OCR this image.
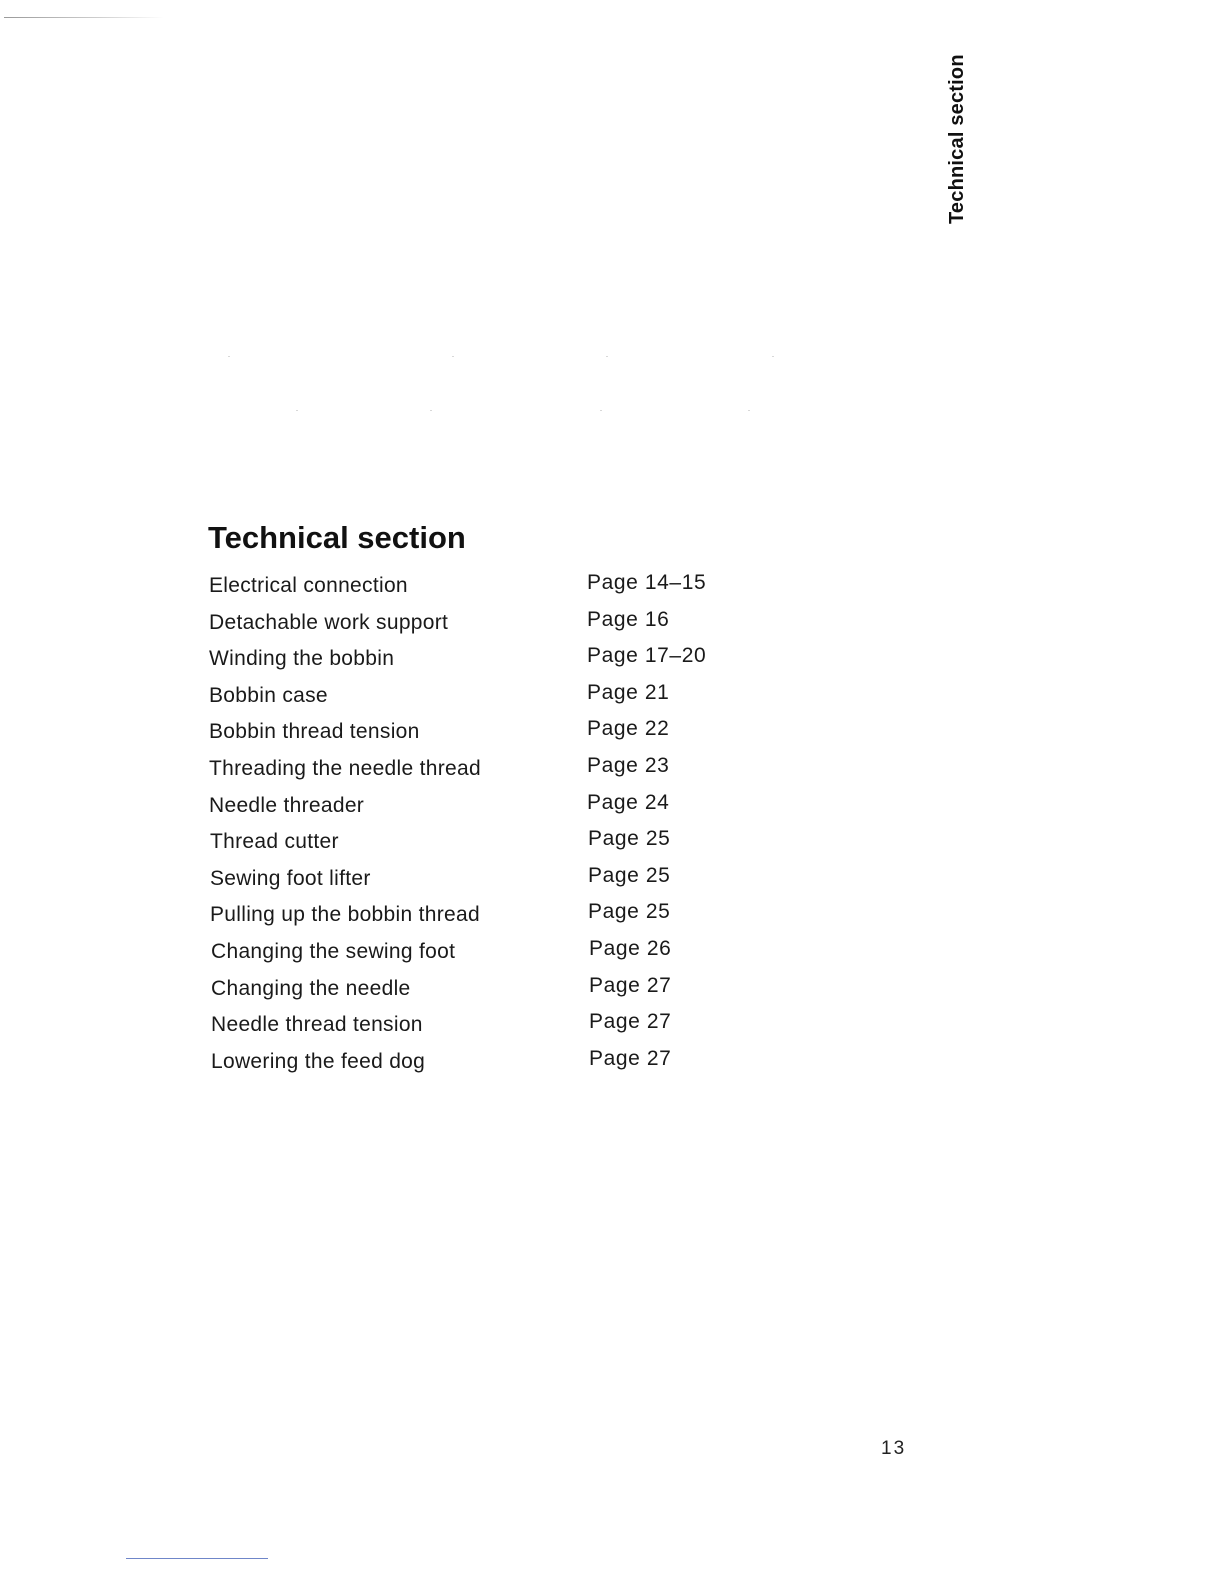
Technical section
Technical section
Electrical connection	Page 14–15
Detachable work support	Page 16
Winding the bobbin	Page 17–20
Bobbin case	Page 21
Bobbin thread tension	Page 22
Threading the needle thread	Page 23
Needle threader	Page 24
Thread cutter	Page 25
Sewing foot lifter	Page 25
Pulling up the bobbin thread	Page 25
Changing the sewing foot	Page 26
Changing the needle	Page 27
Needle thread tension	Page 27
Lowering the feed dog	Page 27
13
